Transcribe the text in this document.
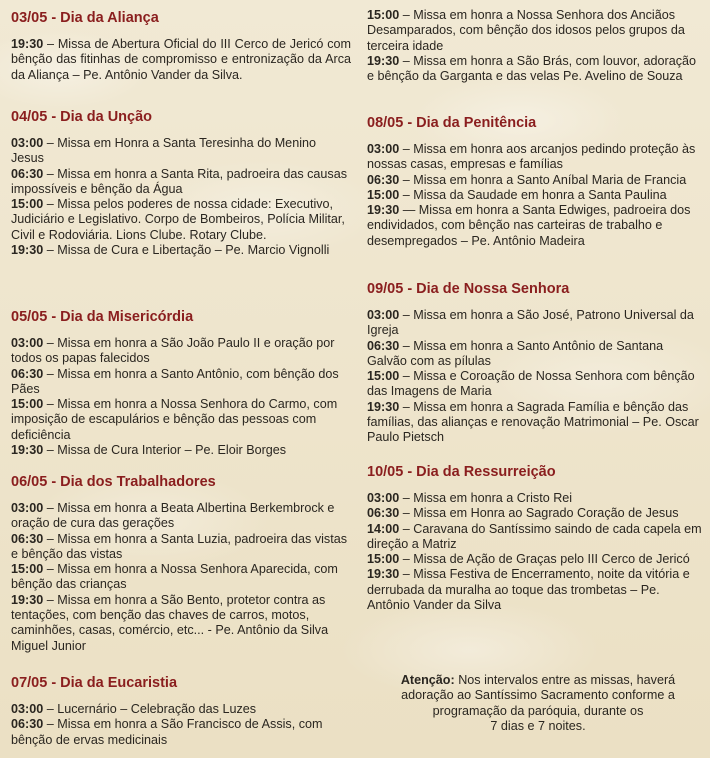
03/05 - Dia da Aliança

19:30 – Missa de Abertura Oficial do III Cerco de Jericó com bênção das fitinhas de compromisso e entronização da Arca da Aliança – Pe. Antônio Vander da Silva.

04/05 - Dia da Unção

03:00 – Missa em Honra a Santa Teresinha do Menino Jesus

06:30 – Missa em honra a Santa Rita, padroeira das causas impossíveis e bênção da Água

15:00 – Missa pelos poderes de nossa cidade: Executivo, Judiciário e Legislativo. Corpo de Bombeiros, Polícia Militar, Civil e Rodoviária. Lions Clube. Rotary Clube.

19:30 – Missa de Cura e Libertação – Pe. Marcio Vignolli

05/05 - Dia da Misericórdia

03:00 – Missa em honra a São João Paulo II e oração por todos os papas falecidos

06:30 – Missa em honra a Santo Antônio, com bênção dos Pães

15:00 – Missa em honra a Nossa Senhora do Carmo, com imposição de escapulários e bênção das pessoas com deficiência

19:30 – Missa de Cura Interior – Pe. Eloir Borges

06/05 - Dia dos Trabalhadores

03:00 – Missa em honra a Beata Albertina Berkembrock e oração de cura das gerações

06:30 – Missa em honra a Santa Luzia, padroeira das vistas e bênção das vistas

15:00 – Missa em honra a Nossa Senhora Aparecida, com bênção das crianças

19:30 – Missa em honra a São Bento, protetor contra as tentações, com benção das chaves de carros, motos, caminhões, casas, comércio, etc... - Pe. Antônio da Silva Miguel Junior

07/05 - Dia da Eucaristia

03:00 – Lucernário – Celebração das Luzes

06:30 – Missa em honra a São Francisco de Assis, com bênção de ervas medicinais

15:00 – Missa em honra a Nossa Senhora dos Anciãos Desamparados, com bênção dos idosos pelos grupos da terceira idade

19:30 – Missa em honra a São Brás, com louvor, adoração e bênção da Garganta e das velas Pe. Avelino de Souza

08/05 - Dia da Penitência

03:00 – Missa em honra aos arcanjos pedindo proteção às nossas casas, empresas e famílias

06:30 – Missa em honra a Santo Aníbal Maria de Francia

15:00 – Missa da Saudade em honra a Santa Paulina

19:30 — Missa em honra a Santa Edwiges, padroeira dos endividados, com bênção nas carteiras de trabalho e desempregados – Pe. Antônio Madeira

09/05 - Dia de Nossa Senhora

03:00 – Missa em honra a São José, Patrono Universal da Igreja

06:30 – Missa em honra a Santo Antônio de Santana Galvão com as pílulas

15:00 – Missa e Coroação de Nossa Senhora com bênção das Imagens de Maria

19:30 – Missa em honra a Sagrada Família e bênção das famílias, das alianças e renovação Matrimonial – Pe. Oscar Paulo Pietsch

10/05 - Dia da Ressurreição

03:00 – Missa em honra a Cristo Rei

06:30 – Missa em Honra ao Sagrado Coração de Jesus

14:00 – Caravana do Santíssimo saindo de cada capela em direção a Matriz

15:00 – Missa de Ação de Graças pelo III Cerco de Jericó

19:30 – Missa Festiva de Encerramento, noite da vitória e derrubada da muralha ao toque das trombetas – Pe. Antônio Vander da Silva

Atenção: Nos intervalos entre as missas, haverá
adoração ao Santíssimo Sacramento conforme a
programação da paróquia, durante os
7 dias e 7 noites.
